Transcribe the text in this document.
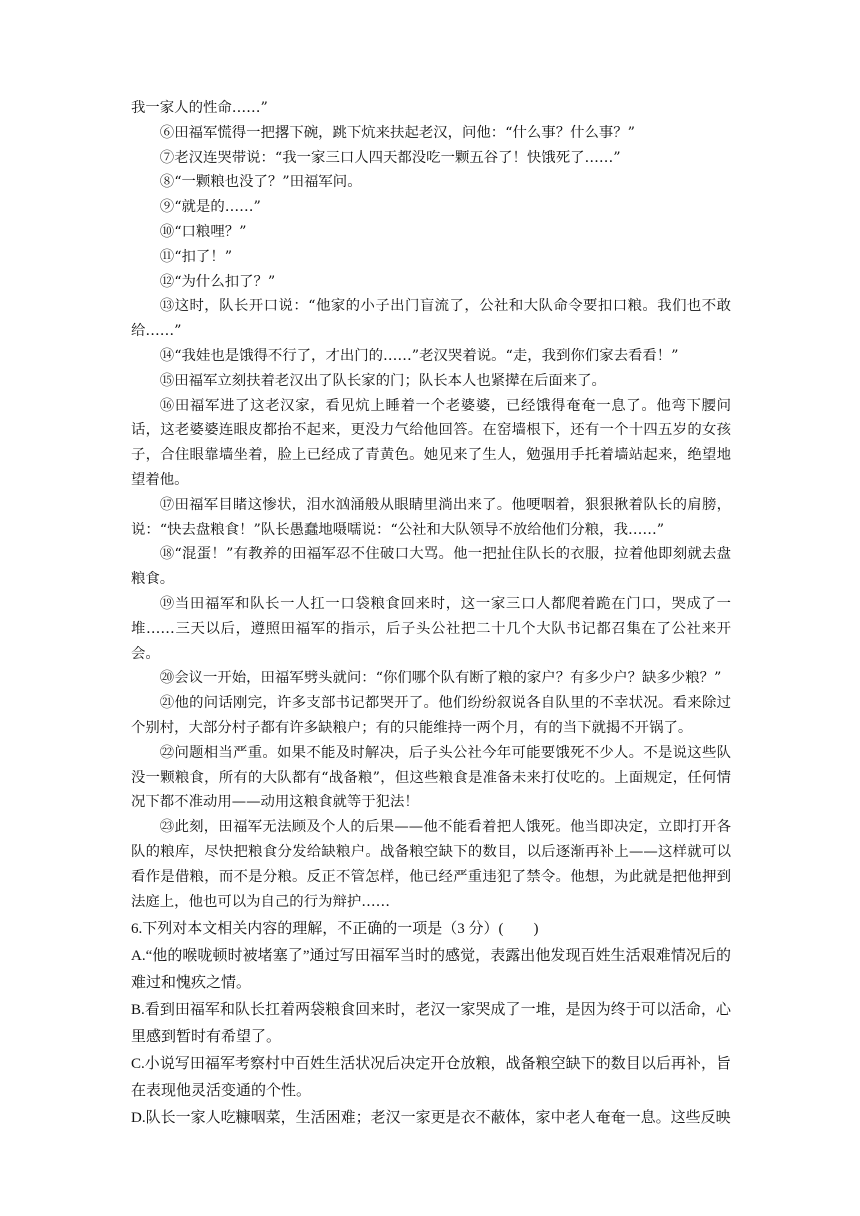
我一家人的性命……”

⑥田福军慌得一把撂下碗，跳下炕来扶起老汉，问他：“什么事？什么事？”

⑦老汉连哭带说：“我一家三口人四天都没吃一颗五谷了！快饿死了……”

⑧“一颗粮也没了？”田福军问。

⑨“就是的……”

⑩“口粮哩？”

⑪“扣了！”

⑫“为什么扣了？”

⑬这时，队长开口说：“他家的小子出门盲流了，公社和大队命令要扣口粮。我们也不敢给……”

⑭“我娃也是饿得不行了，才出门的……”老汉哭着说。“走，我到你们家去看看！”

⑮田福军立刻扶着老汉出了队长家的门；队长本人也紧撵在后面来了。

⑯田福军进了这老汉家，看见炕上睡着一个老婆婆，已经饿得奄奄一息了。他弯下腰问话，这老婆婆连眼皮都抬不起来，更没力气给他回答。在窑墙根下，还有一个十四五岁的女孩子，合住眼靠墙坐着，脸上已经成了青黄色。她见来了生人，勉强用手托着墙站起来，绝望地望着他。

⑰田福军目睹这惨状，泪水汹涌般从眼睛里淌出来了。他哽咽着，狠狠揪着队长的肩膀，说：“快去盘粮食！”队长愚蠢地嗫嚅说：“公社和大队领导不放给他们分粮，我……”

⑱“混蛋！”有教养的田福军忍不住破口大骂。他一把扯住队长的衣服，拉着他即刻就去盘粮食。

⑲当田福军和队长一人扛一口袋粮食回来时，这一家三口人都爬着跪在门口，哭成了一堆……三天以后，遵照田福军的指示，后子头公社把二十几个大队书记都召集在了公社来开会。

⑳会议一开始，田福军劈头就问：“你们哪个队有断了粮的家户？有多少户？缺多少粮？”

㉑他的问话刚完，许多支部书记都哭开了。他们纷纷叙说各自队里的不幸状况。看来除过个别村，大部分村子都有许多缺粮户；有的只能维持一两个月，有的当下就揭不开锅了。

㉒问题相当严重。如果不能及时解决，后子头公社今年可能要饿死不少人。不是说这些队没一颗粮食，所有的大队都有“战备粮”，但这些粮食是准备未来打仗吃的。上面规定，任何情况下都不准动用——动用这粮食就等于犯法！

㉓此刻，田福军无法顾及个人的后果——他不能看着把人饿死。他当即决定，立即打开各队的粮库，尽快把粮食分发给缺粮户。战备粮空缺下的数目，以后逐渐再补上——这样就可以看作是借粮，而不是分粮。反正不管怎样，他已经严重违犯了禁令。他想，为此就是把他押到法庭上，他也可以为自己的行为辩护……

6.下列对本文相关内容的理解，不正确的一项是（3 分）(　　)

A.“他的喉咙顿时被堵塞了”通过写田福军当时的感觉，表露出他发现百姓生活艰难情况后的难过和愧疚之情。

B.看到田福军和队长扛着两袋粮食回来时，老汉一家哭成了一堆，是因为终于可以活命，心里感到暂时有希望了。

C.小说写田福军考察村中百姓生活状况后决定开仓放粮，战备粮空缺下的数目以后再补，旨在表现他灵活变通的个性。

D.队长一家人吃糠咽菜，生活困难；老汉一家更是衣不蔽体，家中老人奄奄一息。这些反映
